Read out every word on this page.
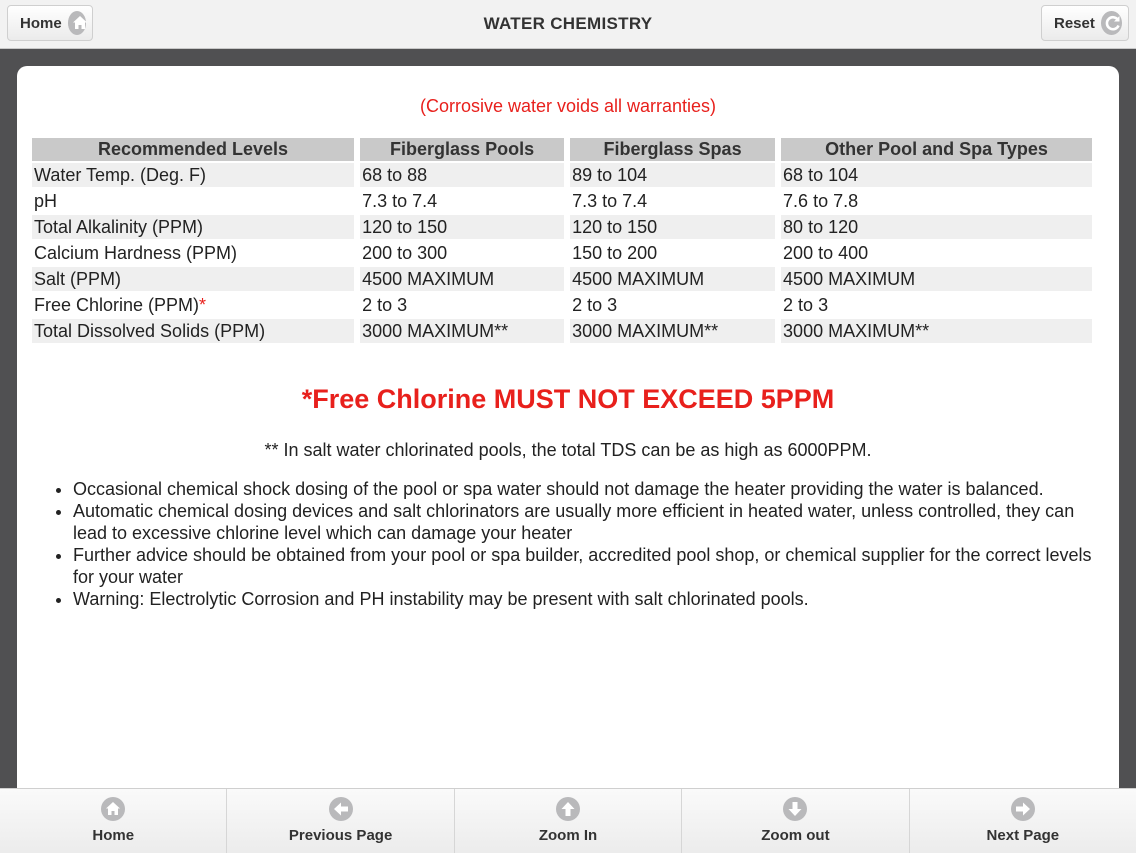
Home	WATER CHEMISTRY	Reset
(Corrosive water voids all warranties)
Recommended Levels	Fiberglass Pools	Fiberglass Spas	Other Pool and Spa Types
Water Temp. (Deg. F)	68 to 88	89 to 104	68 to 104
pH	7.3 to 7.4	7.3 to 7.4	7.6 to 7.8
Total Alkalinity (PPM)	120 to 150	120 to 150	80 to 120
Calcium Hardness (PPM)	200 to 300	150 to 200	200 to 400
Salt (PPM)	4500 MAXIMUM	4500 MAXIMUM	4500 MAXIMUM
Free Chlorine (PPM)*	2 to 3	2 to 3	2 to 3
Total Dissolved Solids (PPM)	3000 MAXIMUM**	3000 MAXIMUM**	3000 MAXIMUM**
*Free Chlorine MUST NOT EXCEED 5PPM
** In salt water chlorinated pools, the total TDS can be as high as 6000PPM.
• Occasional chemical shock dosing of the pool or spa water should not damage the heater providing the water is balanced.
• Automatic chemical dosing devices and salt chlorinators are usually more efficient in heated water, unless controlled, they can lead to excessive chlorine level which can damage your heater
• Further advice should be obtained from your pool or spa builder, accredited pool shop, or chemical supplier for the correct levels for your water
• Warning: Electrolytic Corrosion and PH instability may be present with salt chlorinated pools.
Home	Previous Page	Zoom In	Zoom out	Next Page
